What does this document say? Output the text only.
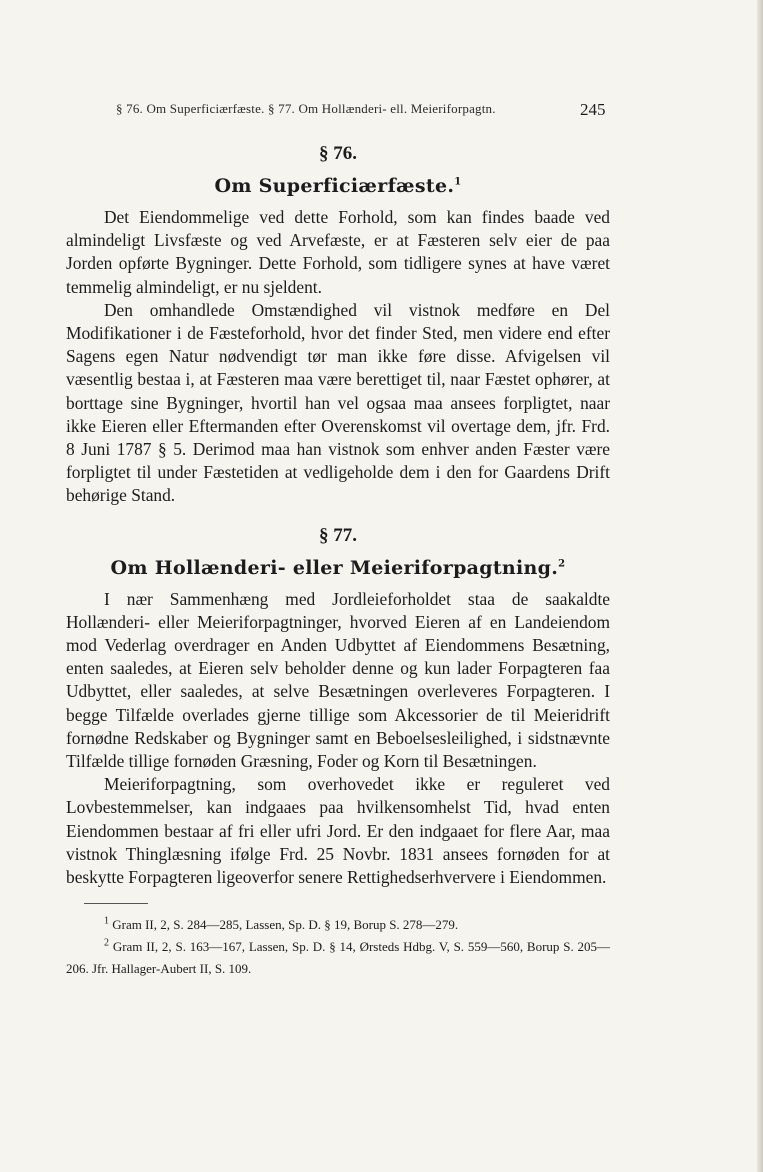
§ 76. Om Superficiærfæste. § 77. Om Hollænderi- ell. Meieriforpagtn.	245
§ 76.
Om Superficiærfæste.$^1$

Det Eiendommelige ved dette Forhold, som kan findes baade ved almindeligt Livsfæste og ved Arvefæste, er at Fæsteren selv eier de paa Jorden opførte Bygninger. Dette Forhold, som tidligere synes at have været temmelig almindeligt, er nu sjeldent.

Den omhandlede Omstændighed vil vistnok medføre en Del Modifikationer i de Fæsteforhold, hvor det finder Sted, men videre end efter Sagens egen Natur nødvendigt tør man ikke føre disse. Afvigelsen vil væsentlig bestaa i, at Fæsteren maa være berettiget til, naar Fæstet ophører, at borttage sine Bygninger, hvortil han vel ogsaa maa ansees forpligtet, naar ikke Eieren eller Eftermanden efter Overenskomst vil overtage dem, jfr. Frd. 8 Juni 1787 § 5. Derimod maa han vistnok som enhver anden Fæster være forpligtet til under Fæstetiden at vedligeholde dem i den for Gaardens Drift behørige Stand.

§ 77.
Om Hollænderi- eller Meieriforpagtning.$^2$

I nær Sammenhæng med Jordleieforholdet staa de saakaldte Hollænderi- eller Meieriforpagtninger, hvorved Eieren af en Landeiendom mod Vederlag overdrager en Anden Udbyttet af Eiendommens Besætning, enten saaledes, at Eieren selv beholder denne og kun lader Forpagteren faa Udbyttet, eller saaledes, at selve Besætningen overleveres Forpagteren. I begge Tilfælde overlades gjerne tillige som Akcessorier de til Meieridrift fornødne Redskaber og Bygninger samt en Beboelsesleilighed, i sidstnævnte Tilfælde tillige fornøden Græsning, Foder og Korn til Besætningen.

Meieriforpagtning, som overhovedet ikke er reguleret ved Lovbestemmelser, kan indgaaes paa hvilkensomhelst Tid, hvad enten Eiendommen bestaar af fri eller ufri Jord. Er den indgaaet for flere Aar, maa vistnok Thinglæsning ifølge Frd. 25 Novbr. 1831 ansees fornøden for at beskytte Forpagteren ligeoverfor senere Rettighedserhververe i Eiendommen.

$^1$ Gram II, 2, S. 284—285, Lassen, Sp. D. § 19, Borup S. 278—279.

$^2$ Gram II, 2, S. 163—167, Lassen, Sp. D. § 14, Ørsteds Hdbg. V, S. 559—560, Borup S. 205—206. Jfr. Hallager-Aubert II, S. 109.
